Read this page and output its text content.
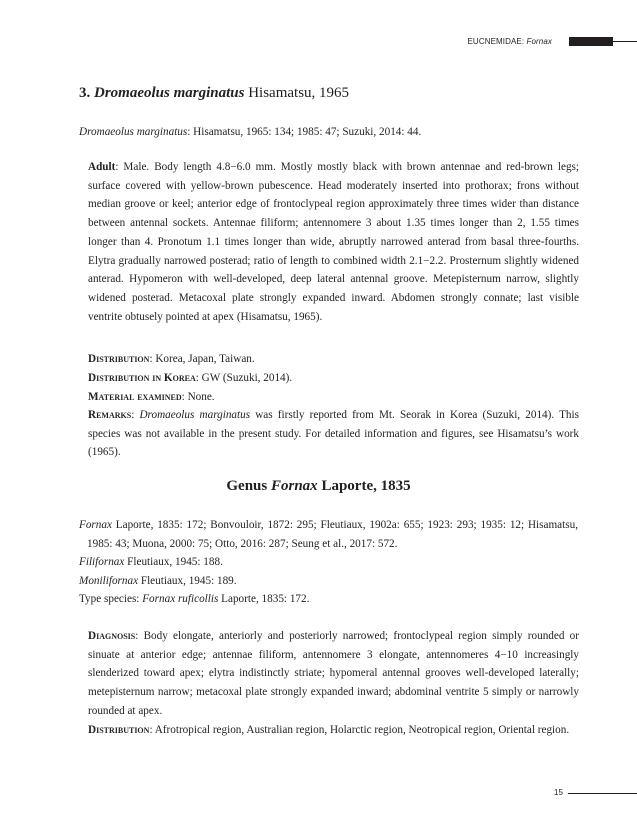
EUCNEMIDAE: Fornax
3. Dromaeolus marginatus Hisamatsu, 1965

Dromaeolus marginatus: Hisamatsu, 1965: 134; 1985: 47; Suzuki, 2014: 44.

Adult: Male. Body length 4.8−6.0 mm. Mostly mostly black with brown antennae and red-brown legs; surface covered with yellow-brown pubescence. Head moderately inserted into prothorax; frons without median groove or keel; anterior edge of frontoclypeal region approximately three times wider than distance between antennal sockets. Antennae filiform; antennomere 3 about 1.35 times longer than 2, 1.55 times longer than 4. Pronotum 1.1 times longer than wide, abruptly narrowed anterad from basal three-fourths. Elytra gradually narrowed posterad; ratio of length to combined width 2.1−2.2. Prosternum slightly widened anterad. Hypomeron with well-developed, deep lateral antennal groove. Metepisternum narrow, slightly widened posterad. Metacoxal plate strongly expanded inward. Abdomen strongly connate; last visible ventrite obtusely pointed at apex (Hisamatsu, 1965).

Distribution: Korea, Japan, Taiwan.

Distribution in Korea: GW (Suzuki, 2014).

Material examined: None.

Remarks: Dromaeolus marginatus was firstly reported from Mt. Seorak in Korea (Suzuki, 2014). This species was not available in the present study. For detailed information and figures, see Hisamatsu’s work (1965).

Fornax Laporte, 1835: 172; Bonvouloir, 1872: 295; Fleutiaux, 1902a: 655; 1923: 293; 1935: 12; Hisamatsu, 1985: 43; Muona, 2000: 75; Otto, 2016: 287; Seung et al., 2017: 572.

Filifornax Fleutiaux, 1945: 188.

Monilifornax Fleutiaux, 1945: 189.

Type species: Fornax ruficollis Laporte, 1835: 172.

Diagnosis: Body elongate, anteriorly and posteriorly narrowed; frontoclypeal region simply rounded or sinuate at anterior edge; antennae filiform, antennomere 3 elongate, antennomeres 4−10 increasingly slenderized toward apex; elytra indistinctly striate; hypomeral antennal grooves well-developed laterally; metepisternum narrow; metacoxal plate strongly expanded inward; abdominal ventrite 5 simply or narrowly rounded at apex.

Distribution: Afrotropical region, Australian region, Holarctic region, Neotropical region, Oriental region.

Genus Fornax Laporte, 1835
15
